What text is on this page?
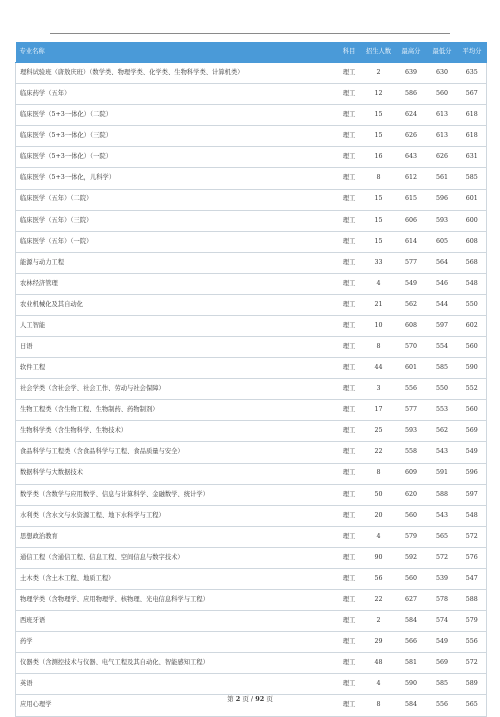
专业名称	科目	招生人数	最高分	最低分	平均分
理科试验班（唐敖庆班）（数学类、物理学类、化学类、生物科学类、计算机类）	理工	2	639	630	635
临床药学（五年）	理工	12	586	560	567
临床医学（5+3一体化）（二院）	理工	15	624	613	618
临床医学（5+3一体化）（三院）	理工	15	626	613	618
临床医学（5+3一体化）（一院）	理工	16	643	626	631
临床医学（5+3一体化，儿科学）	理工	8	612	561	585
临床医学（五年）（二院）	理工	15	615	596	601
临床医学（五年）（三院）	理工	15	606	593	600
临床医学（五年）（一院）	理工	15	614	605	608
能源与动力工程	理工	33	577	564	568
农林经济管理	理工	4	549	546	548
农业机械化及其自动化	理工	21	562	544	550
人工智能	理工	10	608	597	602
日语	理工	8	570	554	560
软件工程	理工	44	601	585	590
社会学类（含社会学、社会工作、劳动与社会保障）	理工	3	556	550	552
生物工程类（含生物工程、生物制药、药物制剂）	理工	17	577	553	560
生物科学类（含生物科学、生物技术）	理工	25	593	562	569
食品科学与工程类（含食品科学与工程、食品质量与安全）	理工	22	558	543	549
数据科学与大数据技术	理工	8	609	591	596
数学类（含数学与应用数学、信息与计算科学、金融数学、统计学）	理工	50	620	588	597
水利类（含水文与水资源工程、地下水科学与工程）	理工	20	560	543	548
思想政治教育	理工	4	579	565	572
通信工程（含通信工程、信息工程、空间信息与数字技术）	理工	90	592	572	576
土木类（含土木工程、地质工程）	理工	56	560	539	547
物理学类（含物理学、应用物理学、核物理、光电信息科学与工程）	理工	22	627	578	588
西班牙语	理工	2	584	574	579
药学	理工	29	566	549	556
仪器类（含测控技术与仪器、电气工程及其自动化、智能感知工程）	理工	48	581	569	572
英语	理工	4	590	585	589
应用心理学	理工	8	584	556	565
第 2 页 / 92 页
